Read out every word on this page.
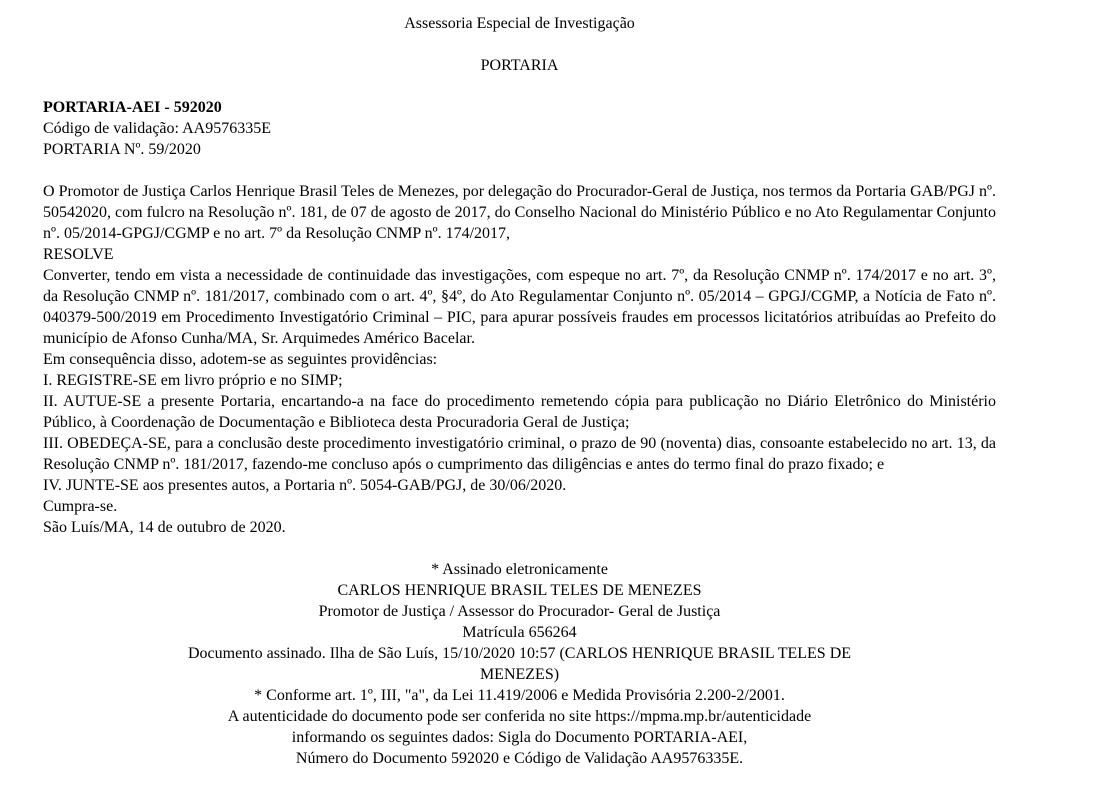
Assessoria Especial de Investigação
PORTARIA
PORTARIA-AEI - 592020
Código de validação: AA9576335E
PORTARIA Nº. 59/2020
O Promotor de Justiça Carlos Henrique Brasil Teles de Menezes, por delegação do Procurador-Geral de Justiça, nos termos da Portaria GAB/PGJ nº. 50542020, com fulcro na Resolução nº. 181, de 07 de agosto de 2017, do Conselho Nacional do Ministério Público e no Ato Regulamentar Conjunto nº. 05/2014-GPGJ/CGMP e no art. 7º da Resolução CNMP nº. 174/2017,
RESOLVE
Converter, tendo em vista a necessidade de continuidade das investigações, com espeque no art. 7º, da Resolução CNMP nº. 174/2017 e no art. 3º, da Resolução CNMP nº. 181/2017, combinado com o art. 4º, §4º, do Ato Regulamentar Conjunto nº. 05/2014 – GPGJ/CGMP, a Notícia de Fato nº. 040379-500/2019 em Procedimento Investigatório Criminal – PIC, para apurar possíveis fraudes em processos licitatórios atribuídas ao Prefeito do município de Afonso Cunha/MA, Sr. Arquimedes Américo Bacelar.
Em consequência disso, adotem-se as seguintes providências:
I. REGISTRE-SE em livro próprio e no SIMP;
II. AUTUE-SE a presente Portaria, encartando-a na face do procedimento remetendo cópia para publicação no Diário Eletrônico do Ministério Público, à Coordenação de Documentação e Biblioteca desta Procuradoria Geral de Justiça;
III. OBEDEÇA-SE, para a conclusão deste procedimento investigatório criminal, o prazo de 90 (noventa) dias, consoante estabelecido no art. 13, da Resolução CNMP nº. 181/2017, fazendo-me concluso após o cumprimento das diligências e antes do termo final do prazo fixado; e
IV. JUNTE-SE aos presentes autos, a Portaria nº. 5054-GAB/PGJ, de 30/06/2020.
Cumpra-se.
São Luís/MA, 14 de outubro de 2020.
* Assinado eletronicamente
CARLOS HENRIQUE BRASIL TELES DE MENEZES
Promotor de Justiça / Assessor do Procurador- Geral de Justiça
Matrícula 656264
Documento assinado. Ilha de São Luís, 15/10/2020 10:57 (CARLOS HENRIQUE BRASIL TELES DE
MENEZES)
* Conforme art. 1º, III, "a", da Lei 11.419/2006 e Medida Provisória 2.200-2/2001.
A autenticidade do documento pode ser conferida no site https://mpma.mp.br/autenticidade
informando os seguintes dados: Sigla do Documento PORTARIA-AEI,
Número do Documento 592020 e Código de Validação AA9576335E.
